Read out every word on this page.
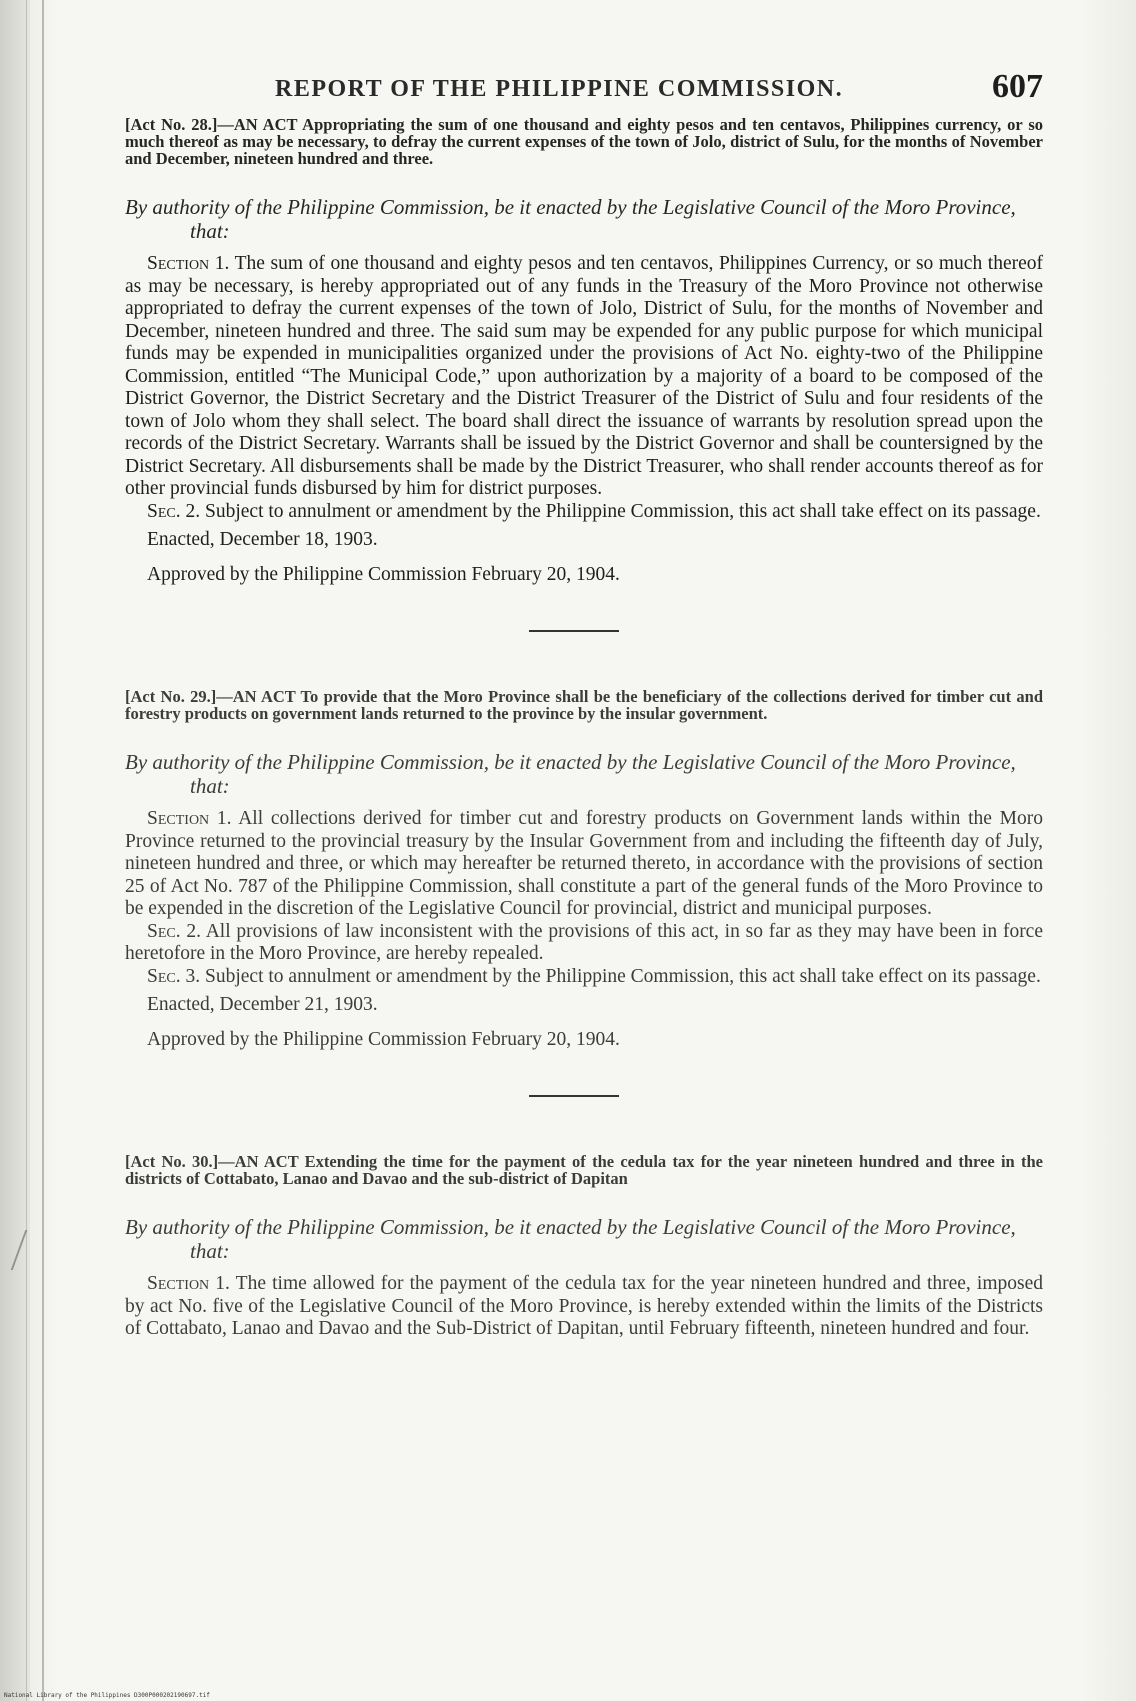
REPORT OF THE PHILIPPINE COMMISSION.	607

[Act No. 28.]—AN ACT Appropriating the sum of one thousand and eighty pesos and ten centavos, Philippines currency, or so much thereof as may be necessary, to defray the current expenses of the town of Jolo, district of Sulu, for the months of November and December, nineteen hundred and three.

By authority of the Philippine Commission, be it enacted by the Legislative Council of the Moro Province, that:

Section 1. The sum of one thousand and eighty pesos and ten centavos, Philippines Currency, or so much thereof as may be necessary, is hereby appropriated out of any funds in the Treasury of the Moro Province not otherwise appropriated to defray the current expenses of the town of Jolo, District of Sulu, for the months of November and December, nineteen hundred and three. The said sum may be expended for any public purpose for which municipal funds may be expended in municipalities organized under the provisions of Act No. eighty-two of the Philippine Commission, entitled “The Municipal Code,” upon authorization by a majority of a board to be composed of the District Governor, the District Secretary and the District Treasurer of the District of Sulu and four residents of the town of Jolo whom they shall select. The board shall direct the issuance of warrants by resolution spread upon the records of the District Secretary. Warrants shall be issued by the District Governor and shall be countersigned by the District Secretary. All disbursements shall be made by the District Treasurer, who shall render accounts thereof as for other provincial funds disbursed by him for district purposes.

Sec. 2. Subject to annulment or amendment by the Philippine Commission, this act shall take effect on its passage.

Enacted, December 18, 1903.

Approved by the Philippine Commission February 20, 1904.

[Act No. 29.]—AN ACT To provide that the Moro Province shall be the beneficiary of the collections derived for timber cut and forestry products on government lands returned to the province by the insular government.

By authority of the Philippine Commission, be it enacted by the Legislative Council of the Moro Province, that:

Section 1. All collections derived for timber cut and forestry products on Government lands within the Moro Province returned to the provincial treasury by the Insular Government from and including the fifteenth day of July, nineteen hundred and three, or which may hereafter be returned thereto, in accordance with the provisions of section 25 of Act No. 787 of the Philippine Commission, shall constitute a part of the general funds of the Moro Province to be expended in the discretion of the Legislative Council for provincial, district and municipal purposes.

Sec. 2. All provisions of law inconsistent with the provisions of this act, in so far as they may have been in force heretofore in the Moro Province, are hereby repealed.

Sec. 3. Subject to annulment or amendment by the Philippine Commission, this act shall take effect on its passage.

Enacted, December 21, 1903.

Approved by the Philippine Commission February 20, 1904.

[Act No. 30.]—AN ACT Extending the time for the payment of the cedula tax for the year nineteen hundred and three in the districts of Cottabato, Lanao and Davao and the sub-district of Dapitan

By authority of the Philippine Commission, be it enacted by the Legislative Council of the Moro Province, that:

Section 1. The time allowed for the payment of the cedula tax for the year nineteen hundred and three, imposed by act No. five of the Legislative Council of the Moro Province, is hereby extended within the limits of the Districts of Cottabato, Lanao and Davao and the Sub-District of Dapitan, until February fifteenth, nineteen hundred and four.

National Library of the Philippines D300P000202190697.tif
